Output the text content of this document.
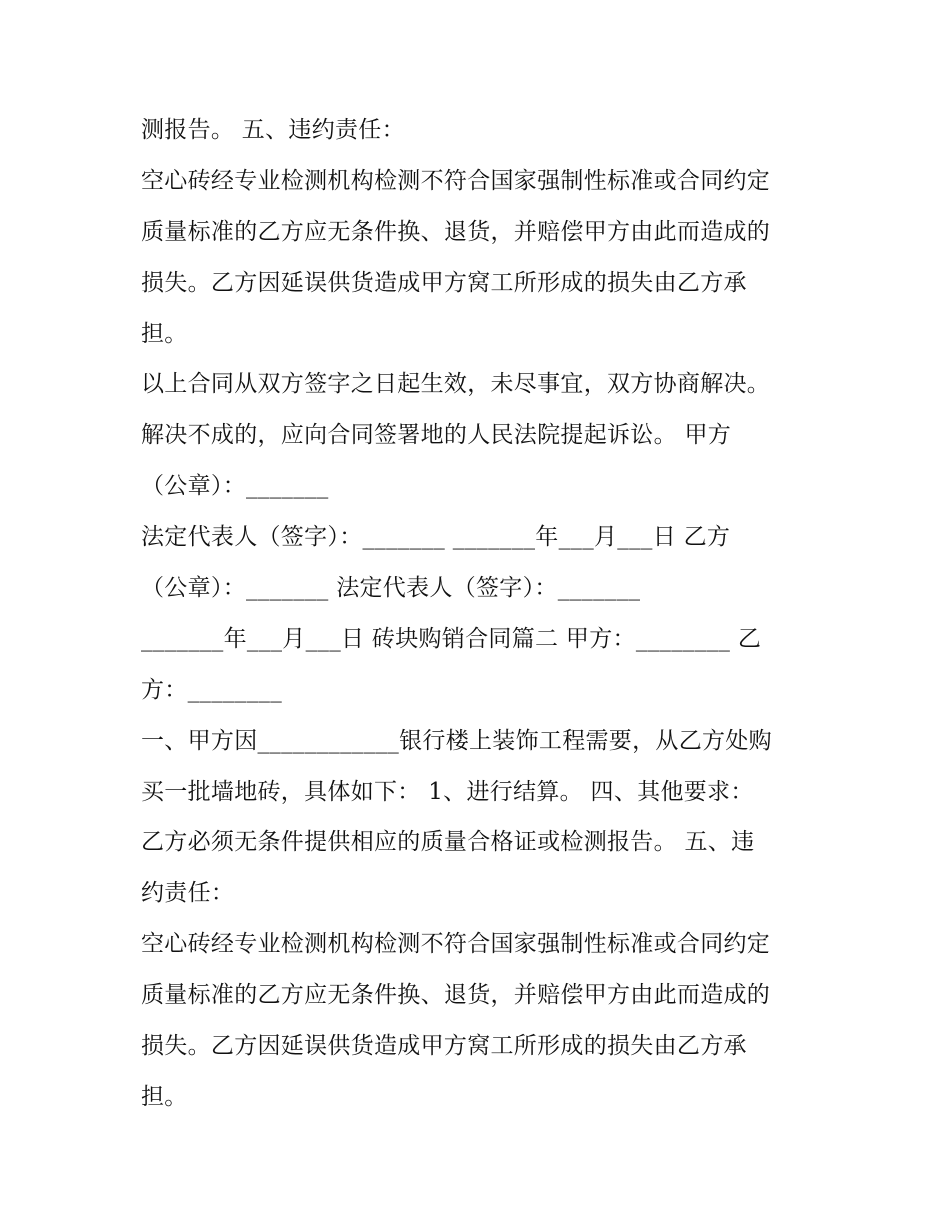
测报告。 五、违约责任：
空心砖经专业检测机构检测不符合国家强制性标准或合同约定
质量标准的乙方应无条件换、退货，并赔偿甲方由此而造成的
损失。乙方因延误供货造成甲方窝工所形成的损失由乙方承
担。
以上合同从双方签字之日起生效，未尽事宜，双方协商解决。
解决不成的，应向合同签署地的人民法院提起诉讼。 甲方
（公章）：_______
法定代表人（签字）：_______ _______年___月___日 乙方
（公章）：_______ 法定代表人（签字）：_______
_______年___月___日 砖块购销合同篇二 甲方：________ 乙
方：________
一、甲方因____________银行楼上装饰工程需要，从乙方处购
买一批墙地砖，具体如下： 1、进行结算。 四、其他要求：
乙方必须无条件提供相应的质量合格证或检测报告。 五、违
约责任：
空心砖经专业检测机构检测不符合国家强制性标准或合同约定
质量标准的乙方应无条件换、退货，并赔偿甲方由此而造成的
损失。乙方因延误供货造成甲方窝工所形成的损失由乙方承
担。
